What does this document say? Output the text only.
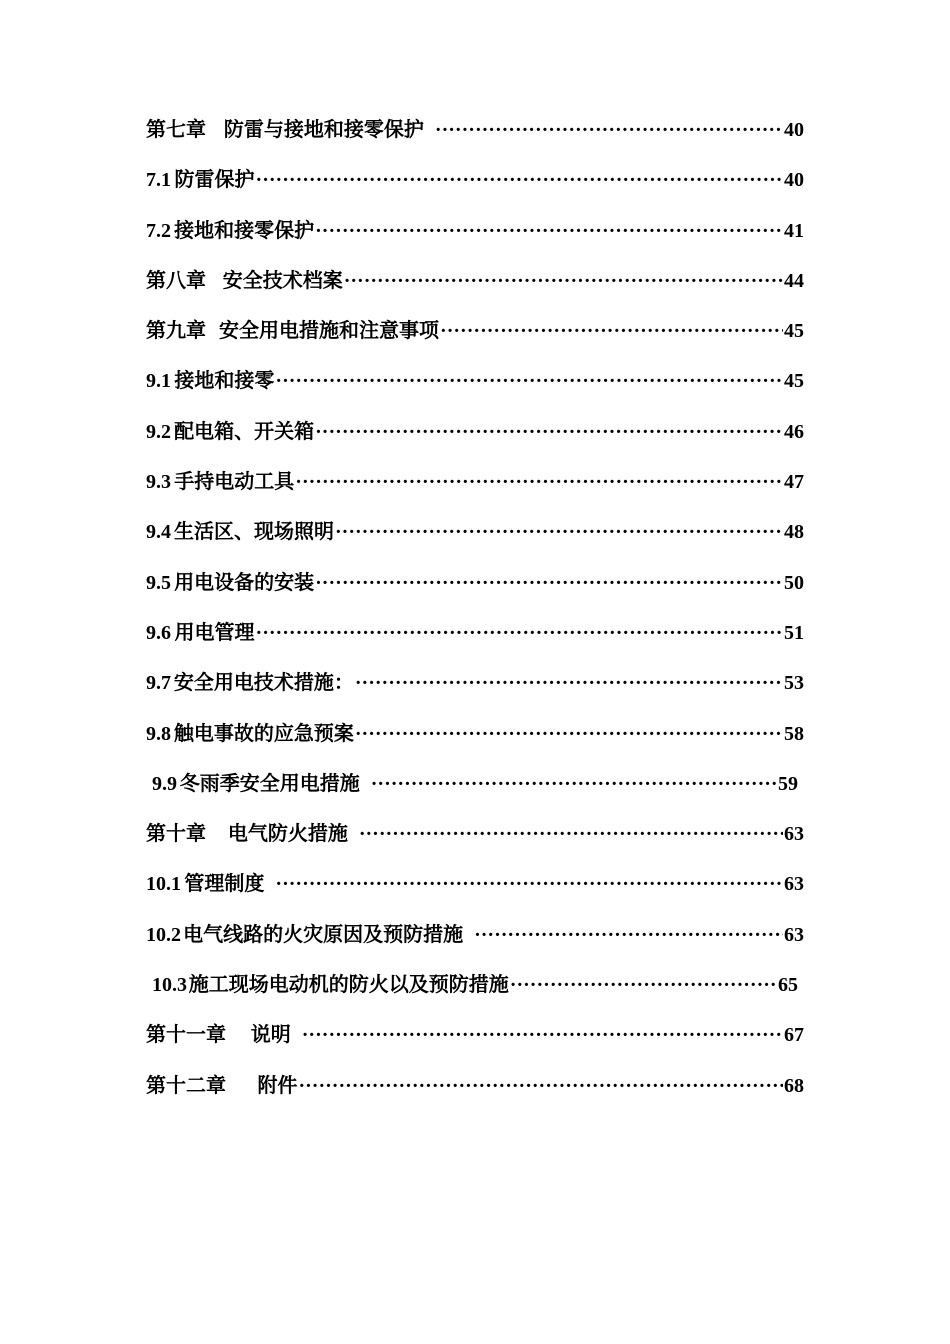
第七章 防雷与接地和接零保护 ·····	40
7.1 防雷保护 ·····	40
7.2 接地和接零保护 ·····	41
第八章 安全技术档案 ·····	44
第九章 安全用电措施和注意事项 ·····	45
9.1 接地和接零 ·····	45
9.2 配电箱、开关箱 ·····	46
9.3 手持电动工具 ·····	47
9.4 生活区、现场照明 ·····	48
9.5 用电设备的安装 ·····	50
9.6 用电管理 ·····	51
9.7 安全用电技术措施： ·····	53
9.8 触电事故的应急预案 ·····	58
9.9 冬雨季安全用电措施 ·····	59
第十章 电气防火措施 ·····	63
10.1 管理制度 ·····	63
10.2 电气线路的火灾原因及预防措施 ·····	63
10.3 施工现场电动机的防火以及预防措施 ·····	65
第十一章 说明 ·····	67
第十二章 附件 ·····	68
